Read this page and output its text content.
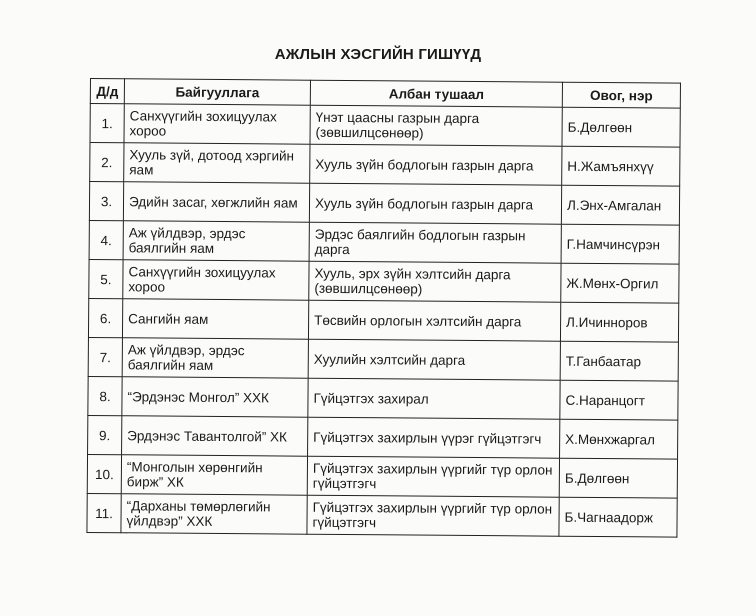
АЖЛЫН ХЭСГИЙН ГИШҮҮД
Д/д	Байгууллага	Албан тушаал	Овог, нэр
1.	Санхүүгийн зохицуулах хороо	Үнэт цаасны газрын дарга (зөвшилцсөнөөр)	Б.Дөлгөөн
2.	Хууль зүй, дотоод хэргийн яам	Хууль зүйн бодлогын газрын дарга	Н.Жамъянхүү
3.	Эдийн засаг, хөгжлийн яам	Хууль зүйн бодлогын газрын дарга	Л.Энх-Амгалан
4.	Аж үйлдвэр, эрдэс баялгийн яам	Эрдэс баялгийн бодлогын газрын дарга	Г.Намчинсүрэн
5.	Санхүүгийн зохицуулах хороо	Хууль, эрх зүйн хэлтсийн дарга (зөвшилцсөнөөр)	Ж.Мөнх-Оргил
6.	Сангийн яам	Төсвийн орлогын хэлтсийн дарга	Л.Ичинноров
7.	Аж үйлдвэр, эрдэс баялгийн яам	Хуулийн хэлтсийн дарга	Т.Ганбаатар
8.	“Эрдэнэс Монгол” ХХК	Гүйцэтгэх захирал	С.Наранцогт
9.	Эрдэнэс Тавантолгой” ХК	Гүйцэтгэх захирлын үүрэг гүйцэтгэгч	Х.Мөнхжаргал
10.	“Монголын хөрөнгийн бирж” ХК	Гүйцэтгэх захирлын үүргийг түр орлон гүйцэтгэгч	Б.Дөлгөөн
11.	“Дарханы төмөрлөгийн үйлдвэр” ХХК	Гүйцэтгэх захирлын үүргийг түр орлон гүйцэтгэгч	Б.Чагнаадорж
